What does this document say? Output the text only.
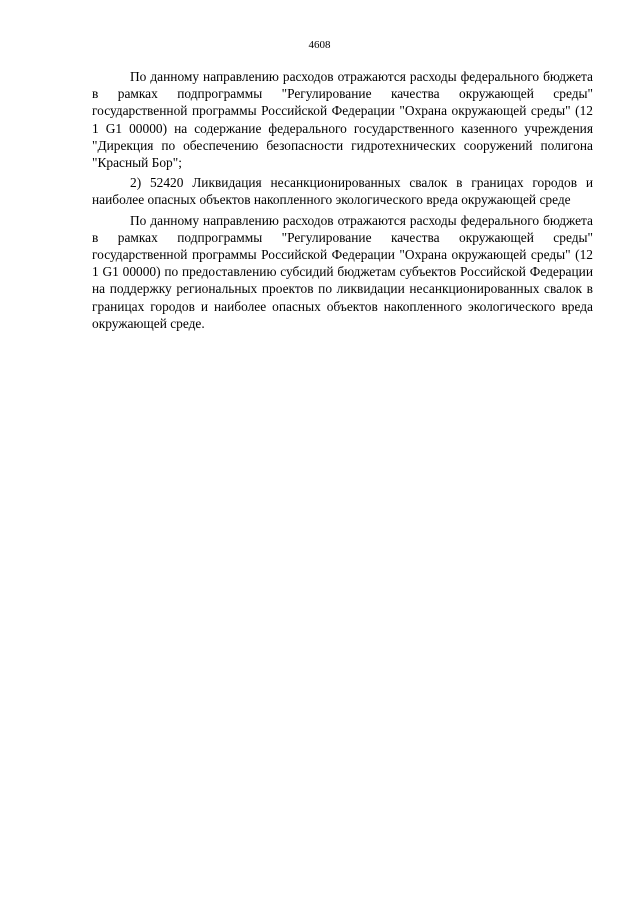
4608

По данному направлению расходов отражаются расходы федерального бюджета в рамках подпрограммы "Регулирование качества окружающей среды" государственной программы Российской Федерации "Охрана окружающей среды" (12 1 G1 00000) на содержание федерального государственного казенного учреждения "Дирекция по обеспечению безопасности гидротехнических сооружений полигона "Красный Бор";

2) 52420 Ликвидация несанкционированных свалок в границах городов и наиболее опасных объектов накопленного экологического вреда окружающей среде

По данному направлению расходов отражаются расходы федерального бюджета в рамках подпрограммы "Регулирование качества окружающей среды" государственной программы Российской Федерации "Охрана окружающей среды" (12 1 G1 00000) по предоставлению субсидий бюджетам субъектов Российской Федерации на поддержку региональных проектов по ликвидации несанкционированных свалок в границах городов и наиболее опасных объектов накопленного экологического вреда окружающей среде.
